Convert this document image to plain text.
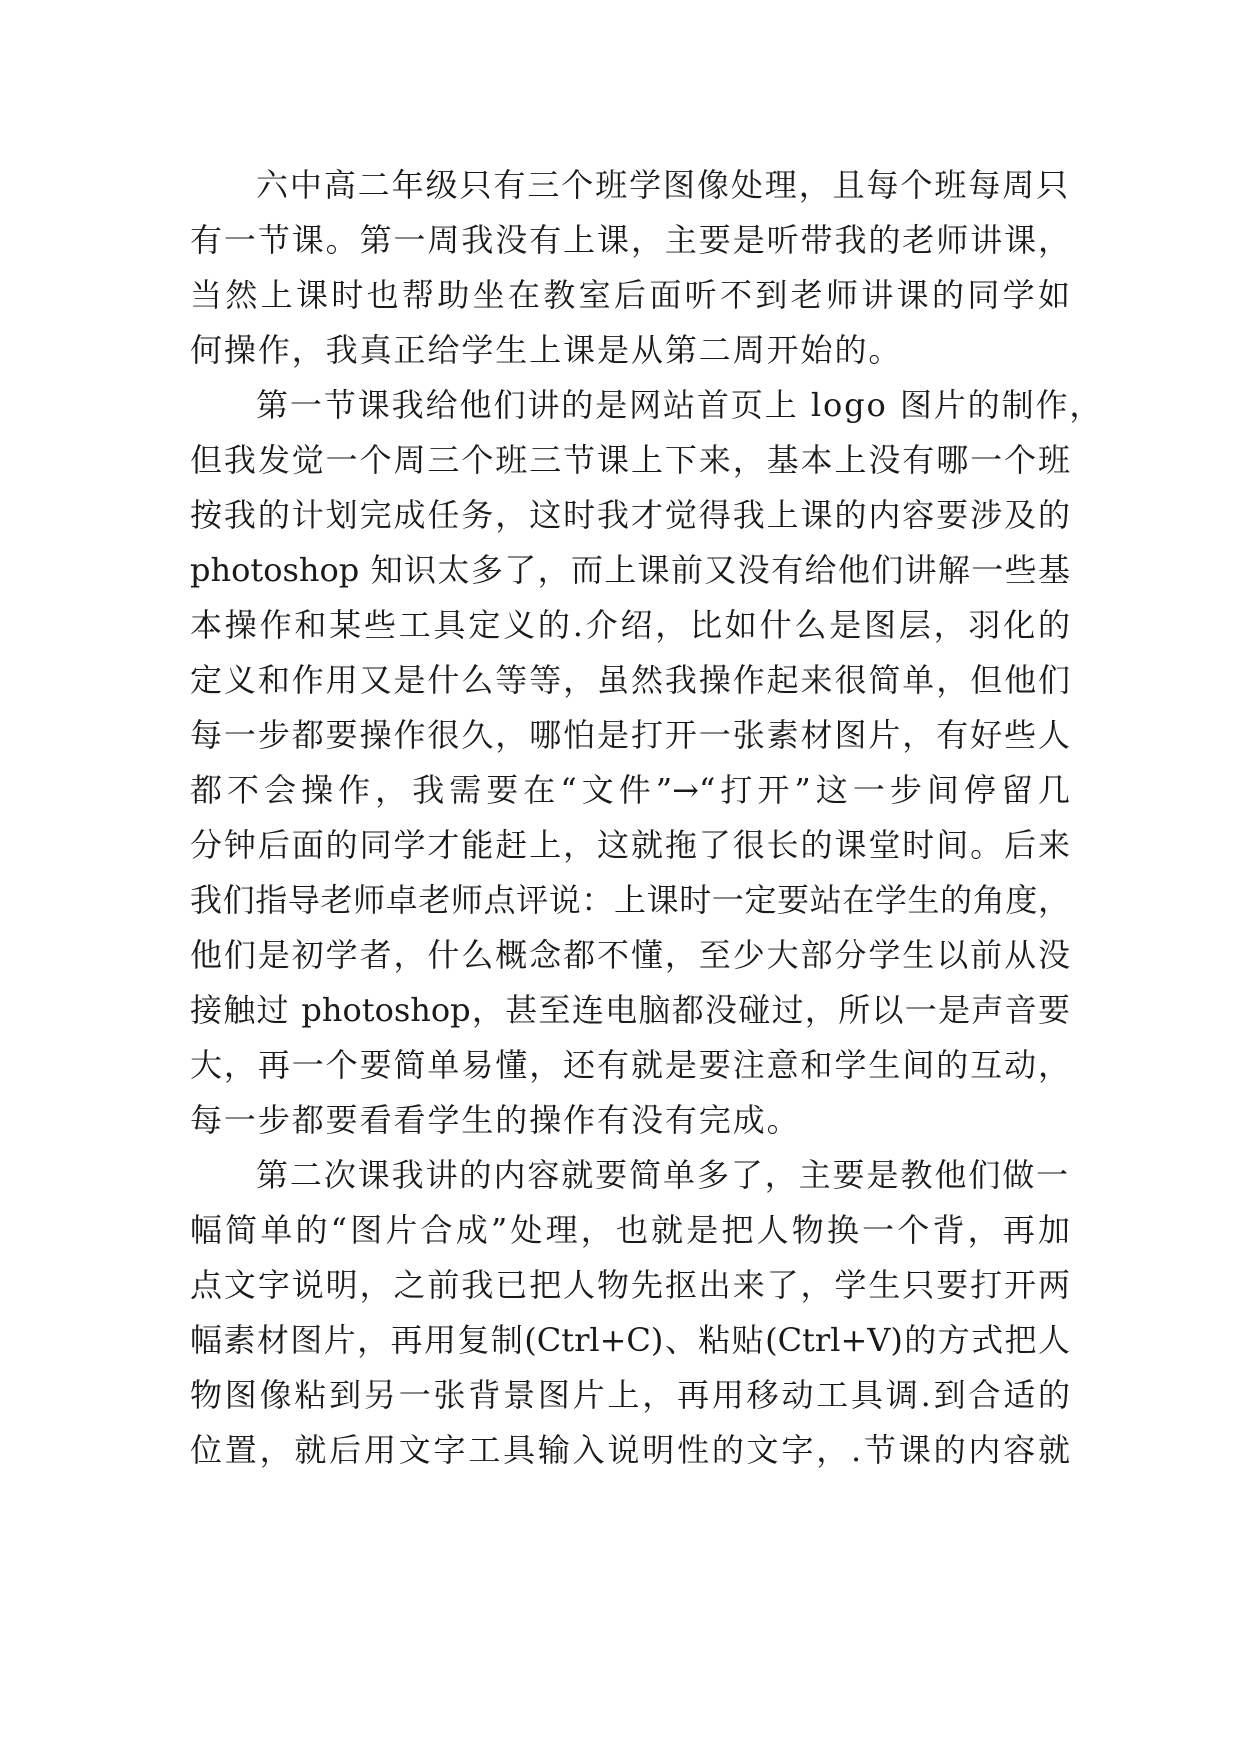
六中高二年级只有三个班学图像处理，且每个班每周只
有一节课。第一周我没有上课，主要是听带我的老师讲课，
当然上课时也帮助坐在教室后面听不到老师讲课的同学如
何操作，我真正给学生上课是从第二周开始的。
第一节课我给他们讲的是网站首页上 logo 图片的制作，
但我发觉一个周三个班三节课上下来，基本上没有哪一个班
按我的计划完成任务，这时我才觉得我上课的内容要涉及的
photoshop 知识太多了，而上课前又没有给他们讲解一些基
本操作和某些工具定义的.介绍，比如什么是图层，羽化的
定义和作用又是什么等等，虽然我操作起来很简单，但他们
每一步都要操作很久，哪怕是打开一张素材图片，有好些人
都不会操作，我需要在“文件”→“打开”这一步间停留几
分钟后面的同学才能赶上，这就拖了很长的课堂时间。后来
我们指导老师卓老师点评说：上课时一定要站在学生的角度，
他们是初学者，什么概念都不懂，至少大部分学生以前从没
接触过 photoshop，甚至连电脑都没碰过，所以一是声音要
大，再一个要简单易懂，还有就是要注意和学生间的互动，
每一步都要看看学生的操作有没有完成。
第二次课我讲的内容就要简单多了，主要是教他们做一
幅简单的“图片合成”处理，也就是把人物换一个背，再加
点文字说明，之前我已把人物先抠出来了，学生只要打开两
幅素材图片，再用复制(Ctrl+C)、粘贴(Ctrl+V)的方式把人
物图像粘到另一张背景图片上，再用移动工具调.到合适的
位置，就后用文字工具输入说明性的文字，.节课的内容就
